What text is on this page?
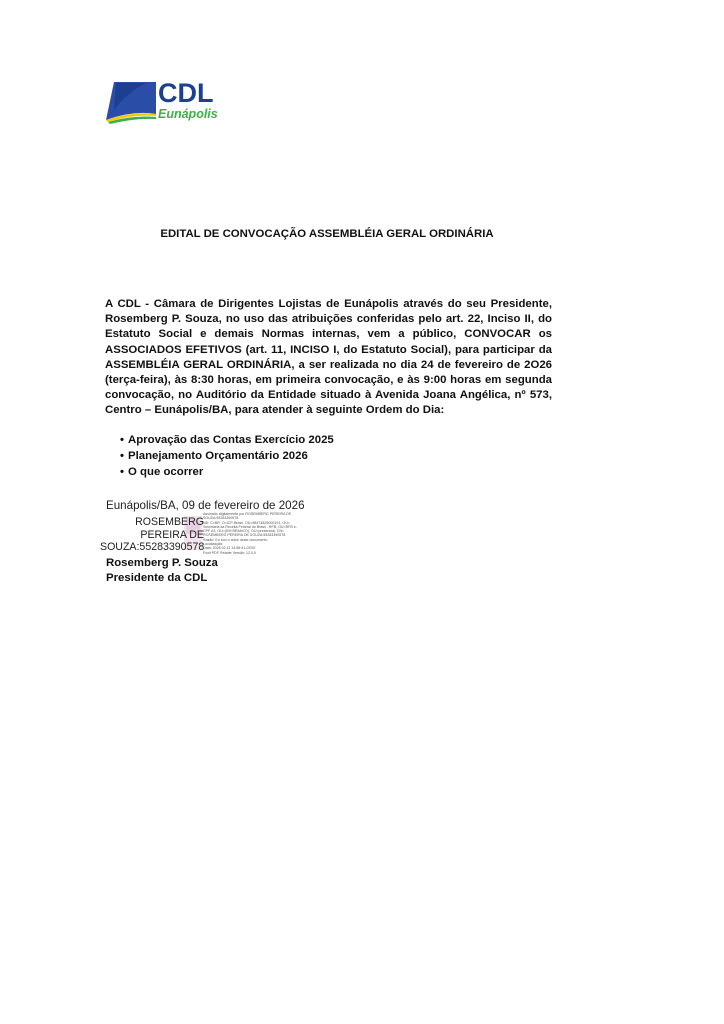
CDL
Eunápolis
EDITAL DE CONVOCAÇÃO ASSEMBLÉIA GERAL ORDINÁRIA

A CDL - Câmara de Dirigentes Lojistas de Eunápolis através do seu Presidente, Rosemberg P. Souza, no uso das atribuições conferidas pelo art. 22, Inciso II, do Estatuto Social e demais Normas internas, vem a público, CONVOCAR os ASSOCIADOS EFETIVOS (art. 11, INCISO I, do Estatuto Social), para participar da ASSEMBLÉIA GERAL ORDINÁRIA, a ser realizada no dia 24 de fevereiro de 2O26 (terça-feira), às 8:30 horas, em primeira convocação, e às 9:00 horas em segunda convocação, no Auditório da Entidade situado à Avenida Joana Angélica, nº 573, Centro – Eunápolis/BA, para atender à seguinte Ordem do Dia:

• Aprovação das Contas Exercício 2025
• Planejamento Orçamentário 2026
• O que ocorrer
Eunápolis/BA, 09 de fevereiro de 2026
ROSEMBERG
PEREIRA DE
SOUZA:55283390578
Assinado digitalmente por ROSEMBERG PEREIRA DE
SOUZA:55283390578
ND: C=BR, O=ICP-Brasil, OU=58474825000191, OU=
Secretaria da Receita Federal do Brasil - RFB, OU=RFB e-
CPF A3, OU=(EM BRANCO), OU=presencial, CN=
ROSEMBERG PEREIRA DE SOUZA:55283390578
Razão: Eu sou o autor deste documento
Localização:
Data: 2026.02.11 14:56:41-03'00'
Foxit PDF Reader Versão: 12.0.0
Rosemberg P. Souza
Presidente da CDL
